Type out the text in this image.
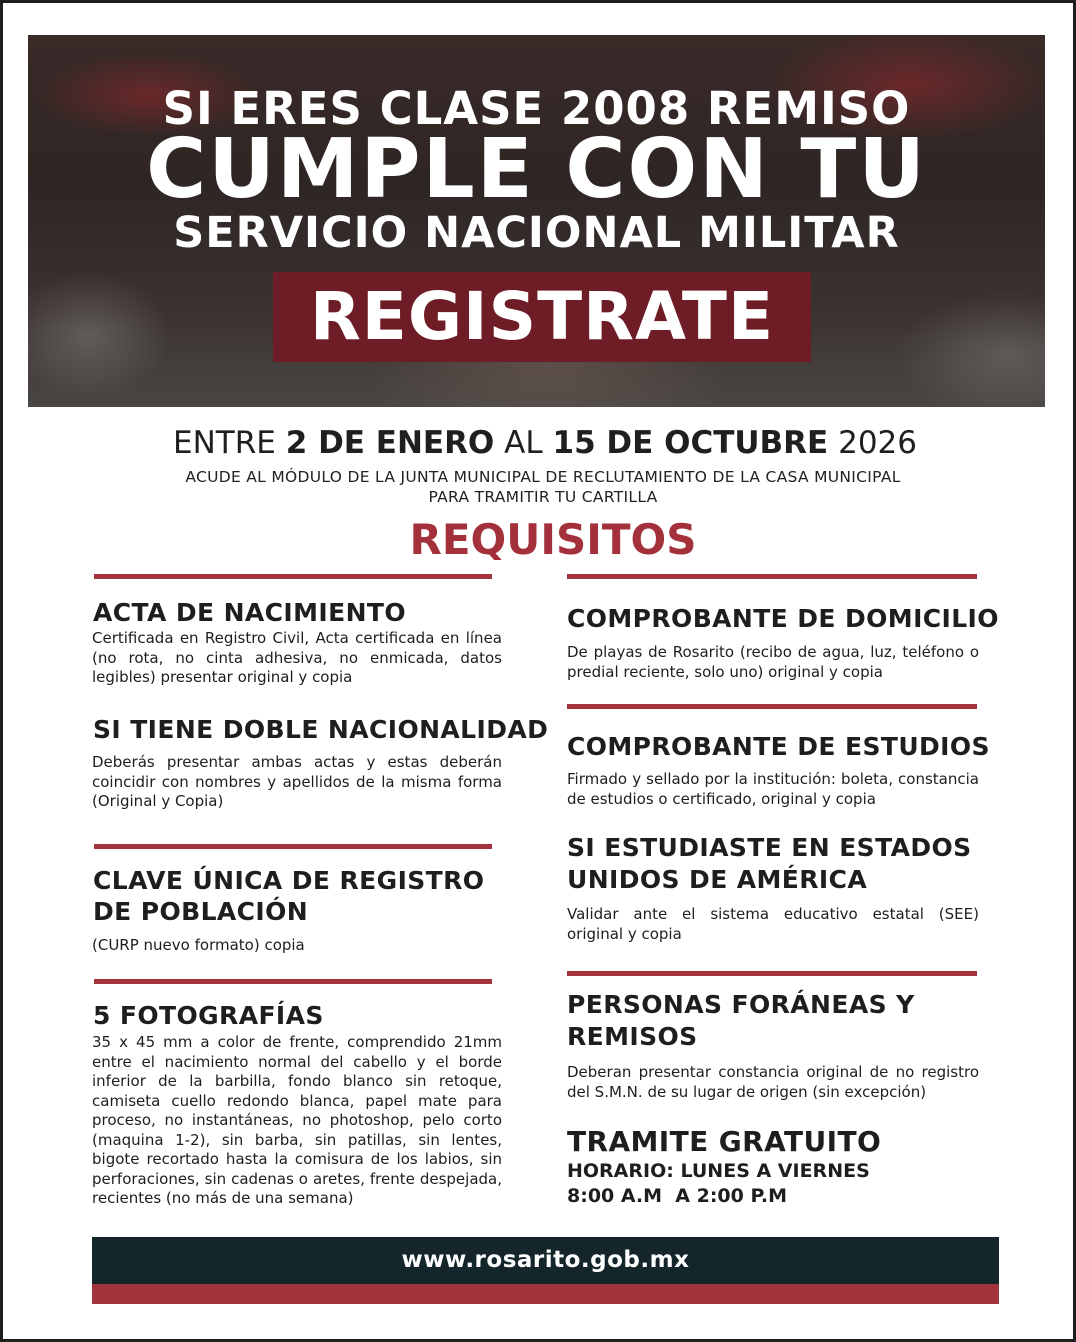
SI ERES CLASE 2008 REMISO
CUMPLE CON TU
SERVICIO NACIONAL MILITAR
REGISTRATE
ENTRE 2 DE ENERO AL 15 DE OCTUBRE 2026
ACUDE AL MÓDULO DE LA JUNTA MUNICIPAL DE RECLUTAMIENTO DE LA CASA MUNICIPAL
PARA TRAMITIR TU CARTILLA
REQUISITOS
ACTA DE NACIMIENTO
Certificada en Registro Civil, Acta certificada en línea (no rota, no cinta adhesiva, no enmicada, datos legibles) presentar original y copia
SI TIENE DOBLE NACIONALIDAD
Deberás presentar ambas actas y estas deberán coincidir con nombres y apellidos de la misma forma (Original y Copia)
CLAVE ÚNICA DE REGISTRO
DE POBLACIÓN
(CURP nuevo formato) copia
5 FOTOGRAFÍAS
35 x 45 mm a color de frente, comprendido 21mm entre el nacimiento normal del cabello y el borde inferior de la barbilla, fondo blanco sin retoque, camiseta cuello redondo blanca, papel mate para proceso, no instantáneas, no photoshop, pelo corto (maquina 1-2), sin barba, sin patillas, sin lentes, bigote recortado hasta la comisura de los labios, sin perforaciones, sin cadenas o aretes, frente despejada, recientes (no más de una semana)
COMPROBANTE DE DOMICILIO
De playas de Rosarito (recibo de agua, luz, teléfono o predial reciente, solo uno) original y copia
COMPROBANTE DE ESTUDIOS
Firmado y sellado por la institución: boleta, constancia de estudios o certificado, original y copia
SI ESTUDIASTE EN ESTADOS
UNIDOS DE AMÉRICA
Validar ante el sistema educativo estatal (SEE) original y copia
PERSONAS FORÁNEAS Y
REMISOS
Deberan presentar constancia original de no registro del S.M.N. de su lugar de origen (sin excepción)
TRAMITE GRATUITO
HORARIO: LUNES A VIERNES
8:00 A.M  A 2:00 P.M
www.rosarito.gob.mx
